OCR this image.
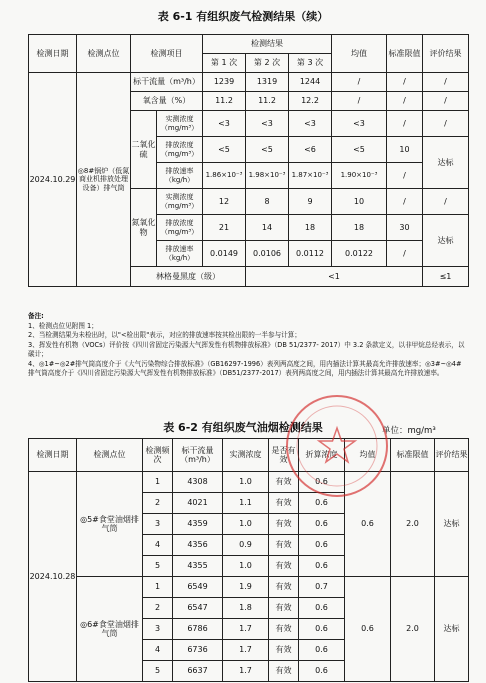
表 6-1 有组织废气检测结果（续）
检测日期	检测点位	检测项目		检测结果			均值	标准限值	评价结果	
				第 1 次	第 2 次	第 3 次				
2024.10.29	◎8#锅炉（低氮商业机排放处理设备）排气筒	标干流量（m³/h）		1239	1319	1244	/	/	/	
		氧含量（%）		11.2	11.2	12.2	/	/	/	
		二氧化硫	实测浓度（mg/m³）	<3	<3	<3	<3	/	/	
			排放浓度（mg/m³）	<5	<5	<6	<5	10	达标	
			排放速率（kg/h）	1.86×10⁻³	1.98×10⁻³	1.87×10⁻³	1.90×10⁻³	/		
		氮氧化物	实测浓度（mg/m³）	12	8	9	10	/	/	
			排放浓度（mg/m³）	21	14	18	18	30	达标	
			排放速率（kg/h）	0.0149	0.0106	0.0112	0.0122	/		
		林格曼黑度（级）			<1				≤1	
备注:
1、检测点位见附图 1；
2、当检测结果为未检出时，以"<检出限"表示，对应的排放速率按其检出限的一半参与计算；
3、挥发性有机物（VOCs）评价按《四川省固定污染源大气挥发性有机物排放标准》（DB 51/2377- 2017）中 3.2 条款定义，以非甲烷总烃表示，以碳计；
4、◎1#~◎2#排气筒高度介于《大气污染物综合排放标准》（GB16297-1996）表列两高度之间，用内插法计算其最高允许排放速率；◎3#~◎4#排气筒高度介于《四川省固定污染源大气挥发性有机物排放标准》（DB51/2377-2017）表列两高度之间，用内插法计算其最高允许排放速率。
表 6-2 有组织废气油烟检测结果	单位：mg/m³
检测日期	检测点位	检测频次	标干流量（m³/h）	实测浓度	是否有效	折算浓度	均值	标准限值	评价结果
2024.10.28	◎5#食堂油烟排气筒	1	4308	1.0	有效	0.6	0.6	2.0	达标
		2	4021	1.1	有效	0.6			
		3	4359	1.0	有效	0.6			
		4	4356	0.9	有效	0.6			
		5	4355	1.0	有效	0.6			
	◎6#食堂油烟排气筒	1	6549	1.9	有效	0.7	0.6	2.0	达标
		2	6547	1.8	有效	0.6			
		3	6786	1.7	有效	0.6			
		4	6736	1.7	有效	0.6			
		5	6637	1.7	有效	0.6			
